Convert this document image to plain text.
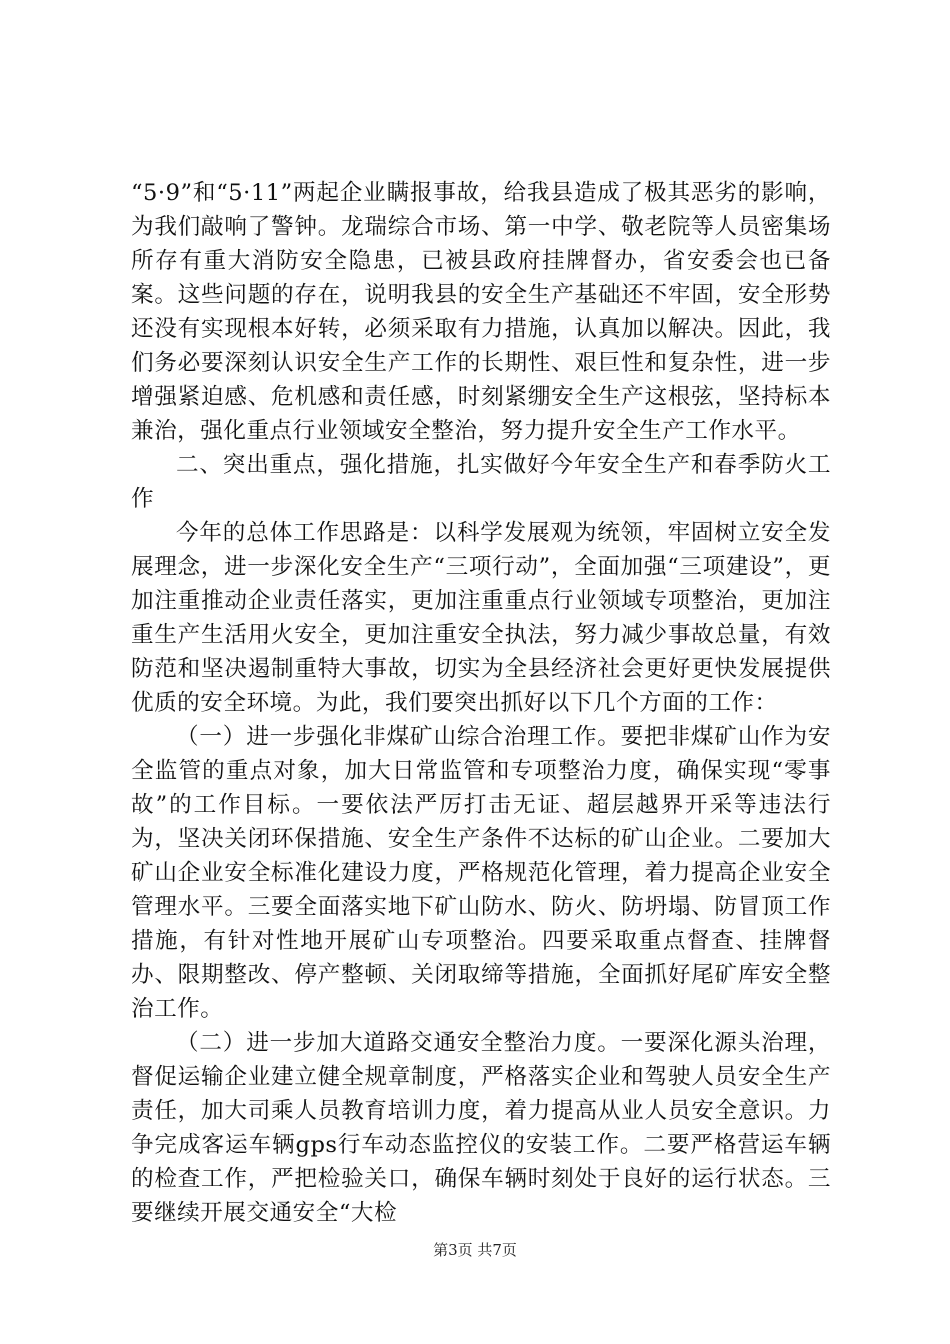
“5·9”和“5·11”两起企业瞒报事故，给我县造成了极其恶劣的影响，为我们敲响了警钟。龙瑞综合市场、第一中学、敬老院等人员密集场所存有重大消防安全隐患，已被县政府挂牌督办，省安委会也已备案。这些问题的存在，说明我县的安全生产基础还不牢固，安全形势还没有实现根本好转，必须采取有力措施，认真加以解决。因此，我们务必要深刻认识安全生产工作的长期性、艰巨性和复杂性，进一步增强紧迫感、危机感和责任感，时刻紧绷安全生产这根弦，坚持标本兼治，强化重点行业领域安全整治，努力提升安全生产工作水平。

二、突出重点，强化措施，扎实做好今年安全生产和春季防火工作

今年的总体工作思路是：以科学发展观为统领，牢固树立安全发展理念，进一步深化安全生产“三项行动”，全面加强“三项建设”，更加注重推动企业责任落实，更加注重重点行业领域专项整治，更加注重生产生活用火安全，更加注重安全执法，努力减少事故总量，有效防范和坚决遏制重特大事故，切实为全县经济社会更好更快发展提供优质的安全环境。为此，我们要突出抓好以下几个方面的工作：

（一）进一步强化非煤矿山综合治理工作。要把非煤矿山作为安全监管的重点对象，加大日常监管和专项整治力度，确保实现“零事故”的工作目标。一要依法严厉打击无证、超层越界开采等违法行为，坚决关闭环保措施、安全生产条件不达标的矿山企业。二要加大矿山企业安全标准化建设力度，严格规范化管理，着力提高企业安全管理水平。三要全面落实地下矿山防水、防火、防坍塌、防冒顶工作措施，有针对性地开展矿山专项整治。四要采取重点督查、挂牌督办、限期整改、停产整顿、关闭取缔等措施，全面抓好尾矿库安全整治工作。

（二）进一步加大道路交通安全整治力度。一要深化源头治理，督促运输企业建立健全规章制度，严格落实企业和驾驶人员安全生产责任，加大司乘人员教育培训力度，着力提高从业人员安全意识。力争完成客运车辆gps行车动态监控仪的安装工作。二要严格营运车辆的检查工作，严把检验关口，确保车辆时刻处于良好的运行状态。三要继续开展交通安全“大检

第3页 共7页
